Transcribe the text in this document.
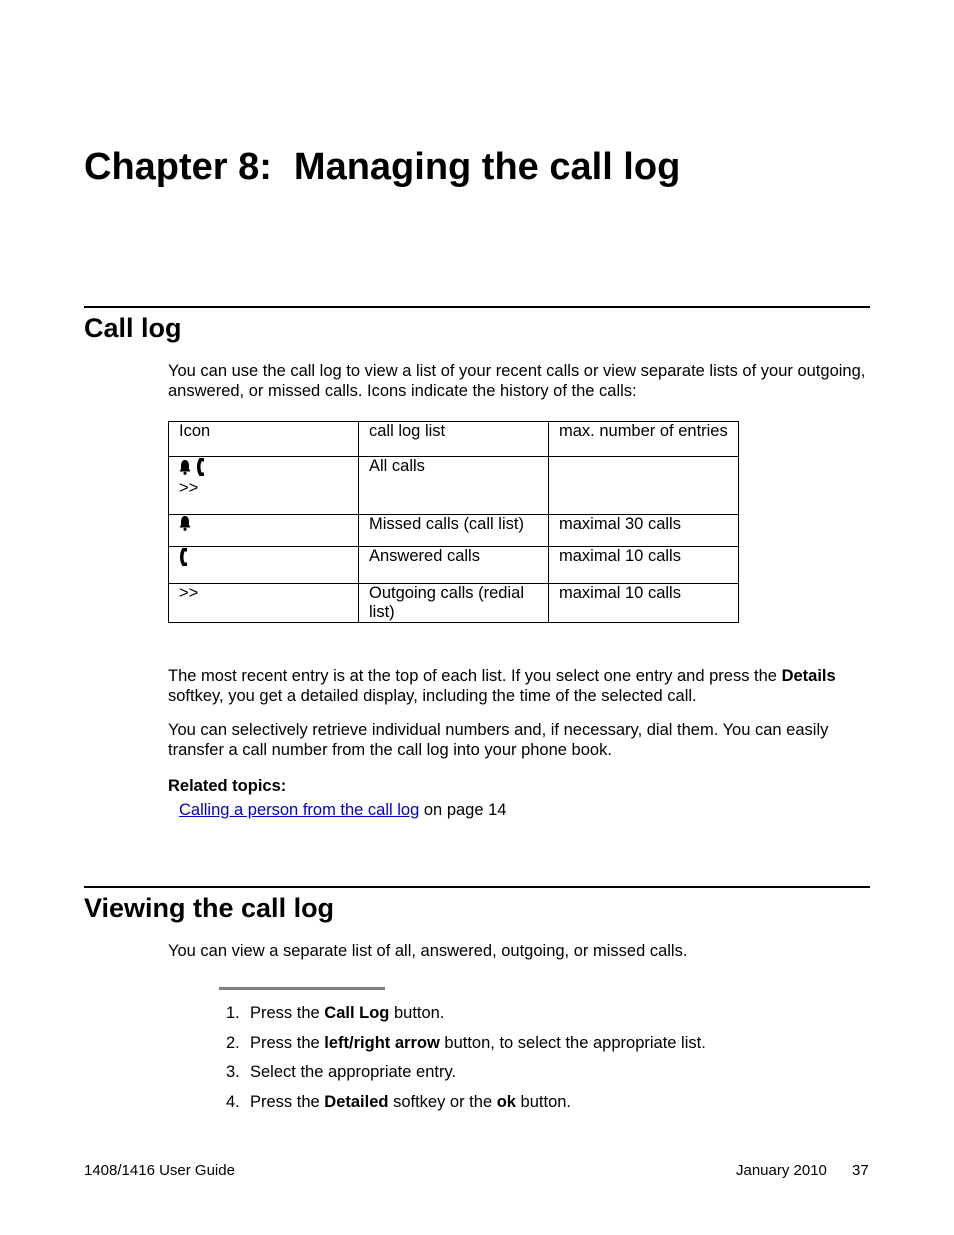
Chapter 8: Managing the call log
Call log
You can use the call log to view a list of your recent calls or view separate lists of your outgoing, answered, or missed calls. Icons indicate the history of the calls:
Icon	call log list	max. number of entries

>>	All calls	
	Missed calls (call list)	maximal 30 calls
	Answered calls	maximal 10 calls
>>	Outgoing calls (redial list)	maximal 10 calls
The most recent entry is at the top of each list. If you select one entry and press the Details softkey, you get a detailed display, including the time of the selected call.
You can selectively retrieve individual numbers and, if necessary, dial them. You can easily transfer a call number from the call log into your phone book.
Related topics:
Calling a person from the call log on page 14
Viewing the call log
You can view a separate list of all, answered, outgoing, or missed calls.
1. Press the Call Log button.
2. Press the left/right arrow button, to select the appropriate list.
3. Select the appropriate entry.
4. Press the Detailed softkey or the ok button.
1408/1416 User Guide	January 2010 37
